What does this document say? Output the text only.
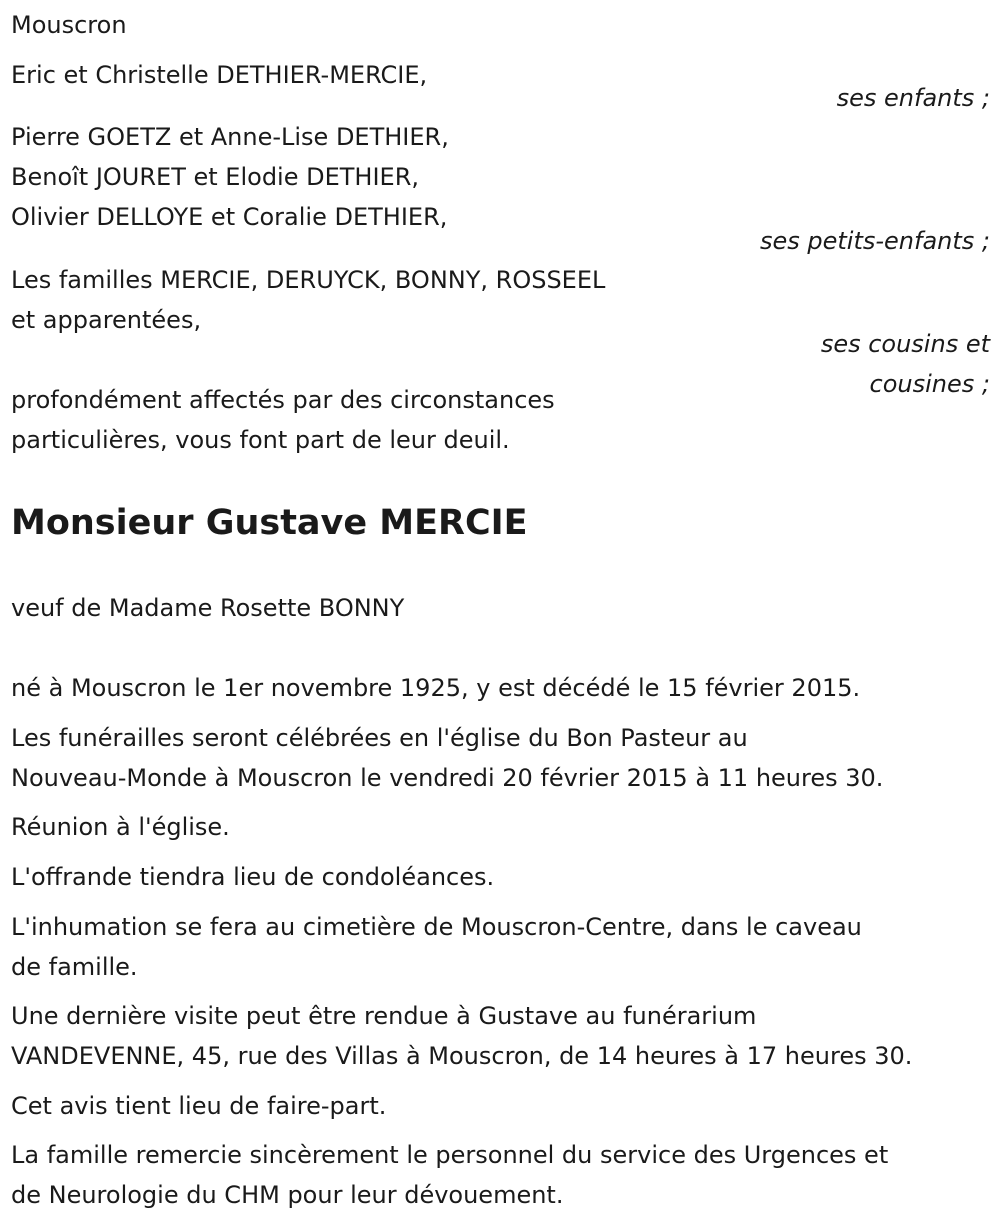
Mouscron

Eric et Christelle DETHIER-MERCIE,

ses enfants ;

Pierre GOETZ et Anne-Lise DETHIER,

Benoît JOURET et Elodie DETHIER,

Olivier DELLOYE et Coralie DETHIER,

ses petits-enfants ;

Les familles MERCIE, DERUYCK, BONNY, ROSSEEL

et apparentées,

ses cousins et
cousines ;

profondément affectés par des circonstances

particulières, vous font part de leur deuil.

Monsieur Gustave MERCIE

veuf de Madame Rosette BONNY

né à Mouscron le 1er novembre 1925, y est décédé le 15 février 2015.

Les funérailles seront célébrées en l'église du Bon Pasteur au

Nouveau-Monde à Mouscron le vendredi 20 février 2015 à 11 heures 30.

Réunion à l'église.

L'offrande tiendra lieu de condoléances.

L'inhumation se fera au cimetière de Mouscron-Centre, dans le caveau

de famille.

Une dernière visite peut être rendue à Gustave au funérarium

VANDEVENNE, 45, rue des Villas à Mouscron, de 14 heures à 17 heures 30.

Cet avis tient lieu de faire-part.

La famille remercie sincèrement le personnel du service des Urgences et

de Neurologie du CHM pour leur dévouement.
